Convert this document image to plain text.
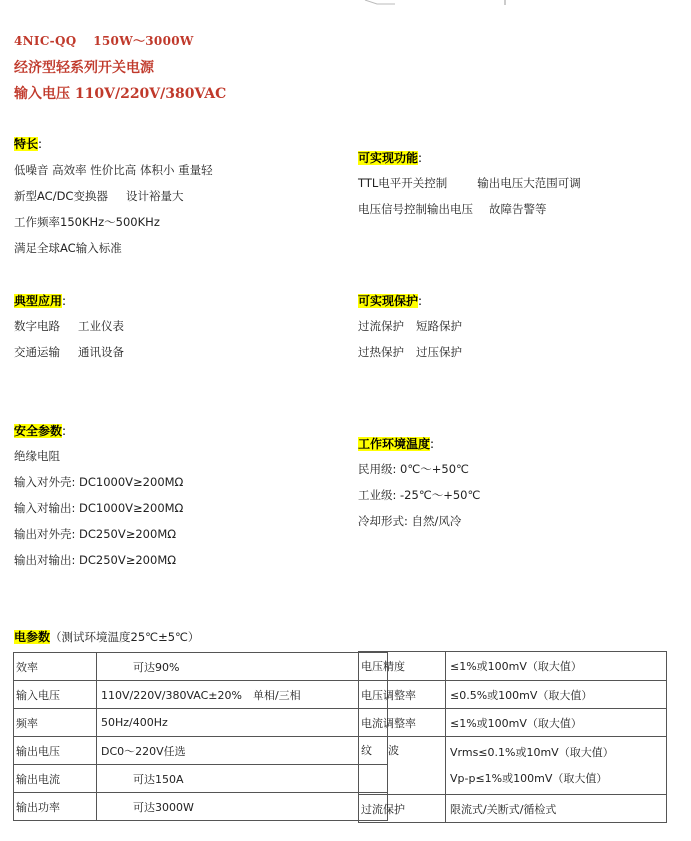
4NIC-QQ　 150W～3000W
经济型轻系列开关电源
输入电压 110V/220V/380VAC
特长:
低噪音 高效率 性价比高 体积小 重量轻
新型AC/DC变换器 设计裕量大
工作频率150KHz～500KHz
满足全球AC输入标准
可实现功能:
TTL电平开关控制	输出电压大范围可调
电压信号控制输出电压 故障告警等
典型应用:
数字电路 工业仪表
交通运输 通讯设备
可实现保护:
过流保护 短路保护
过热保护 过压保护
安全参数:
绝缘电阻
输入对外壳: DC1000V≥200MΩ
输入对输出: DC1000V≥200MΩ
输出对外壳: DC250V≥200MΩ
输出对输出: DC250V≥200MΩ
工作环境温度:
民用级: 0℃～+50℃
工业级: -25℃～+50℃
冷却形式: 自然/风冷
电参数（测试环境温度25℃±5℃）
效率	可达90%
输入电压	110V/220V/380VAC±20%　单相/三相
频率	50Hz/400Hz
输出电压	DC0～220V任选
输出电流	可达150A
输出功率	可达3000W
电压精度	≤1%或100mV（取大值）
电压调整率	≤0.5%或100mV（取大值）
电流调整率	≤1%或100mV（取大值）
纹波	Vrms≤0.1%或10mV（取大值）
Vp-p≤1%或100mV（取大值）

过流保护	限流式/关断式/循检式
